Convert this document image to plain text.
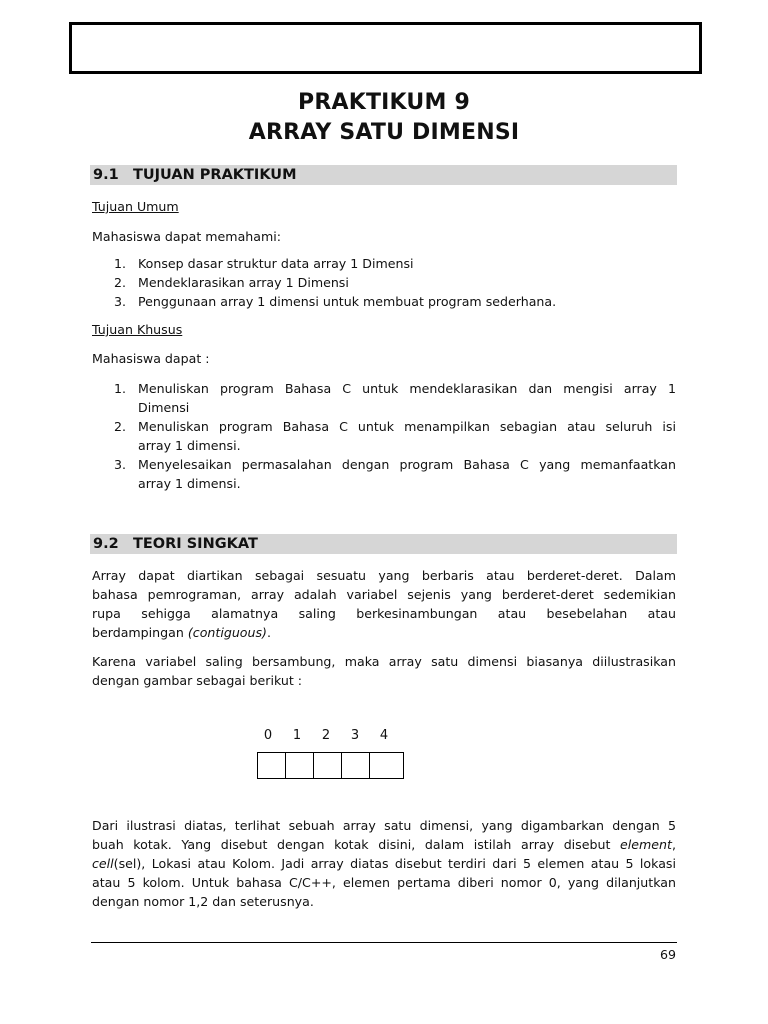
PRAKTIKUM 9
ARRAY SATU DIMENSI
9.1 TUJUAN PRAKTIKUM
Tujuan Umum
Mahasiswa dapat memahami:
1. Konsep dasar struktur data array 1 Dimensi
2. Mendeklarasikan array 1 Dimensi
3. Penggunaan array 1 dimensi untuk membuat program sederhana.
Tujuan Khusus
Mahasiswa dapat :
1. Menuliskan program Bahasa C untuk mendeklarasikan dan mengisi array 1
Dimensi
2. Menuliskan program Bahasa C untuk menampilkan sebagian atau seluruh isi
array 1 dimensi.
3. Menyelesaikan permasalahan dengan program Bahasa C yang memanfaatkan
array 1 dimensi.
9.2 TEORI SINGKAT
Array dapat diartikan sebagai sesuatu yang berbaris atau berderet-deret. Dalam
bahasa pemrograman, array adalah variabel sejenis yang berderet-deret sedemikian
rupa sehigga alamatnya saling berkesinambungan atau besebelahan atau
berdampingan (contiguous).
Karena variabel saling bersambung, maka array satu dimensi biasanya diilustrasikan
dengan gambar sebagai berikut :
0	1	2	3	4
Dari ilustrasi diatas, terlihat sebuah array satu dimensi, yang digambarkan dengan 5
buah kotak. Yang disebut dengan kotak disini, dalam istilah array disebut element,
cell(sel), Lokasi atau Kolom. Jadi array diatas disebut terdiri dari 5 elemen atau 5 lokasi
atau 5 kolom. Untuk bahasa C/C++, elemen pertama diberi nomor 0, yang dilanjutkan
dengan nomor 1,2 dan seterusnya.
69
